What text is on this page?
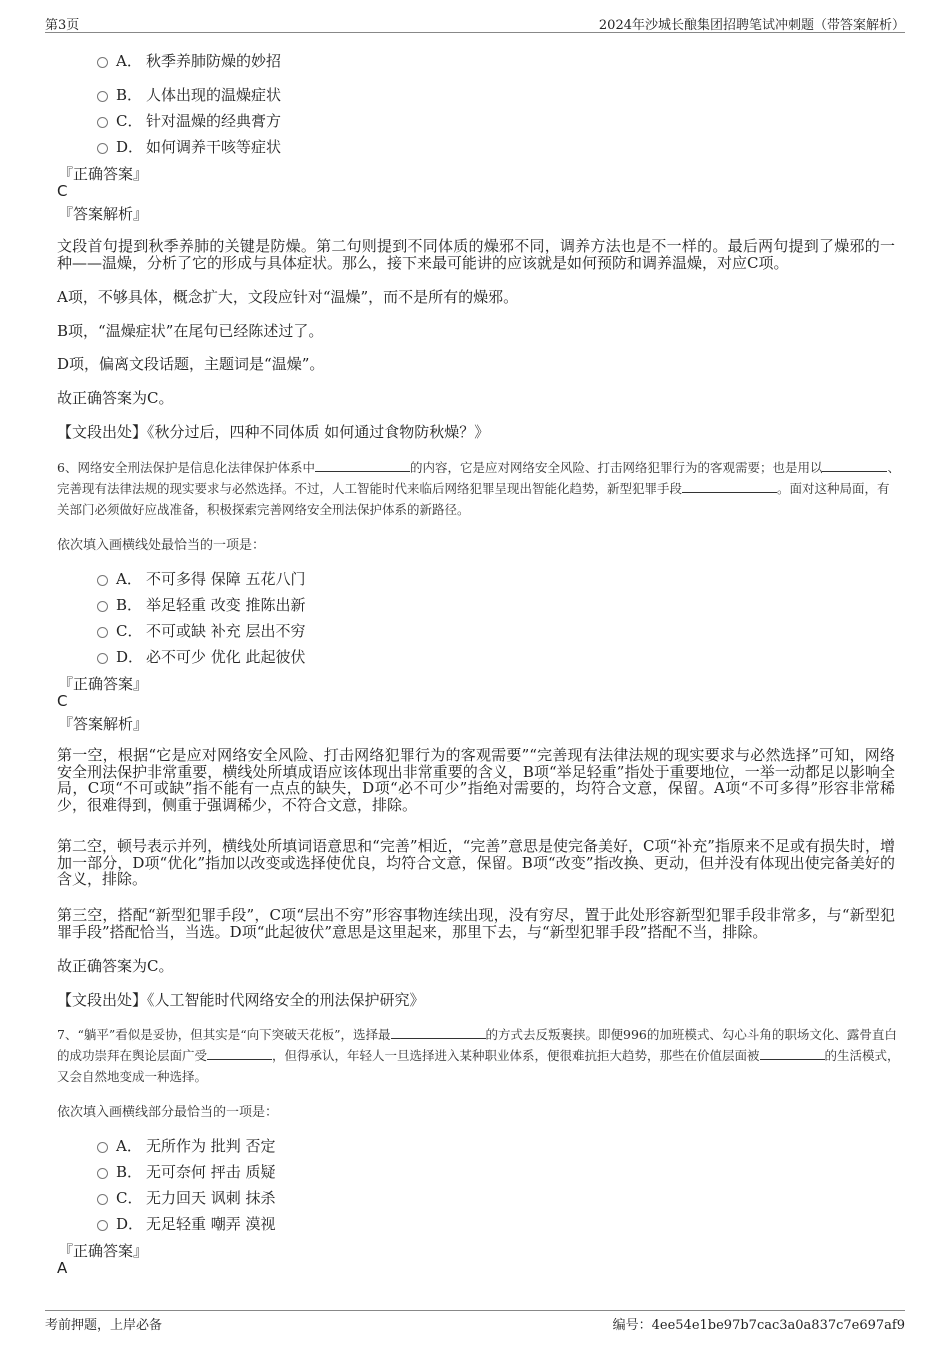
第3页	2024年沙城长酿集团招聘笔试冲刺题（带答案解析）
A． 秋季养肺防燥的妙招
B． 人体出现的温燥症状
C． 针对温燥的经典膏方
D． 如何调养干咳等症状
『正确答案』
C
『答案解析』
文段首句提到秋季养肺的关键是防燥。第二句则提到不同体质的燥邪不同，调养方法也是不一样的。最后两句提到了燥邪的一种——温燥，分析了它的形成与具体症状。那么，接下来最可能讲的应该就是如何预防和调养温燥，对应C项。
A项，不够具体，概念扩大，文段应针对“温燥”，而不是所有的燥邪。
B项，“温燥症状”在尾句已经陈述过了。
D项，偏离文段话题，主题词是“温燥”。
故正确答案为C。
【文段出处】《秋分过后，四种不同体质 如何通过食物防秋燥？》
6、网络安全刑法保护是信息化法律保护体系中	的内容，它是应对网络安全风险、打击网络犯罪行为的客观需要；也是用以	、完善现有法律法规的现实要求与必然选择。不过，人工智能时代来临后网络犯罪呈现出智能化趋势，新型犯罪手段	。面对这种局面，有关部门必须做好应战准备，积极探索完善网络安全刑法保护体系的新路径。
依次填入画横线处最恰当的一项是：
A． 不可多得 保障 五花八门
B． 举足轻重 改变 推陈出新
C． 不可或缺 补充 层出不穷
D． 必不可少 优化 此起彼伏
『正确答案』
C
『答案解析』
第一空，根据“它是应对网络安全风险、打击网络犯罪行为的客观需要”“完善现有法律法规的现实要求与必然选择”可知，网络安全刑法保护非常重要，横线处所填成语应该体现出非常重要的含义，B项“举足轻重”指处于重要地位，一举一动都足以影响全局，C项“不可或缺”指不能有一点点的缺失，D项“必不可少”指绝对需要的，均符合文意，保留。A项“不可多得”形容非常稀少，很难得到，侧重于强调稀少，不符合文意，排除。
第二空，顿号表示并列，横线处所填词语意思和“完善”相近，“完善”意思是使完备美好，C项“补充”指原来不足或有损失时，增加一部分，D项“优化”指加以改变或选择使优良，均符合文意，保留。B项“改变”指改换、更动，但并没有体现出使完备美好的含义，排除。
第三空，搭配“新型犯罪手段”，C项“层出不穷”形容事物连续出现，没有穷尽，置于此处形容新型犯罪手段非常多，与“新型犯罪手段”搭配恰当，当选。D项“此起彼伏”意思是这里起来，那里下去，与“新型犯罪手段”搭配不当，排除。
故正确答案为C。
【文段出处】《人工智能时代网络安全的刑法保护研究》
7、“躺平”看似是妥协，但其实是“向下突破天花板”，选择最	的方式去反叛裹挟。即便996的加班模式、勾心斗角的职场文化、露骨直白的成功崇拜在舆论层面广受	，但得承认，年轻人一旦选择进入某种职业体系，便很难抗拒大趋势，那些在价值层面被	的生活模式，又会自然地变成一种选择。
依次填入画横线部分最恰当的一项是：
A． 无所作为 批判 否定
B． 无可奈何 抨击 质疑
C． 无力回天 讽刺 抹杀
D． 无足轻重 嘲弄 漠视
『正确答案』
A
考前押题，上岸必备	编号：4ee54e1be97b7cac3a0a837c7e697af9
